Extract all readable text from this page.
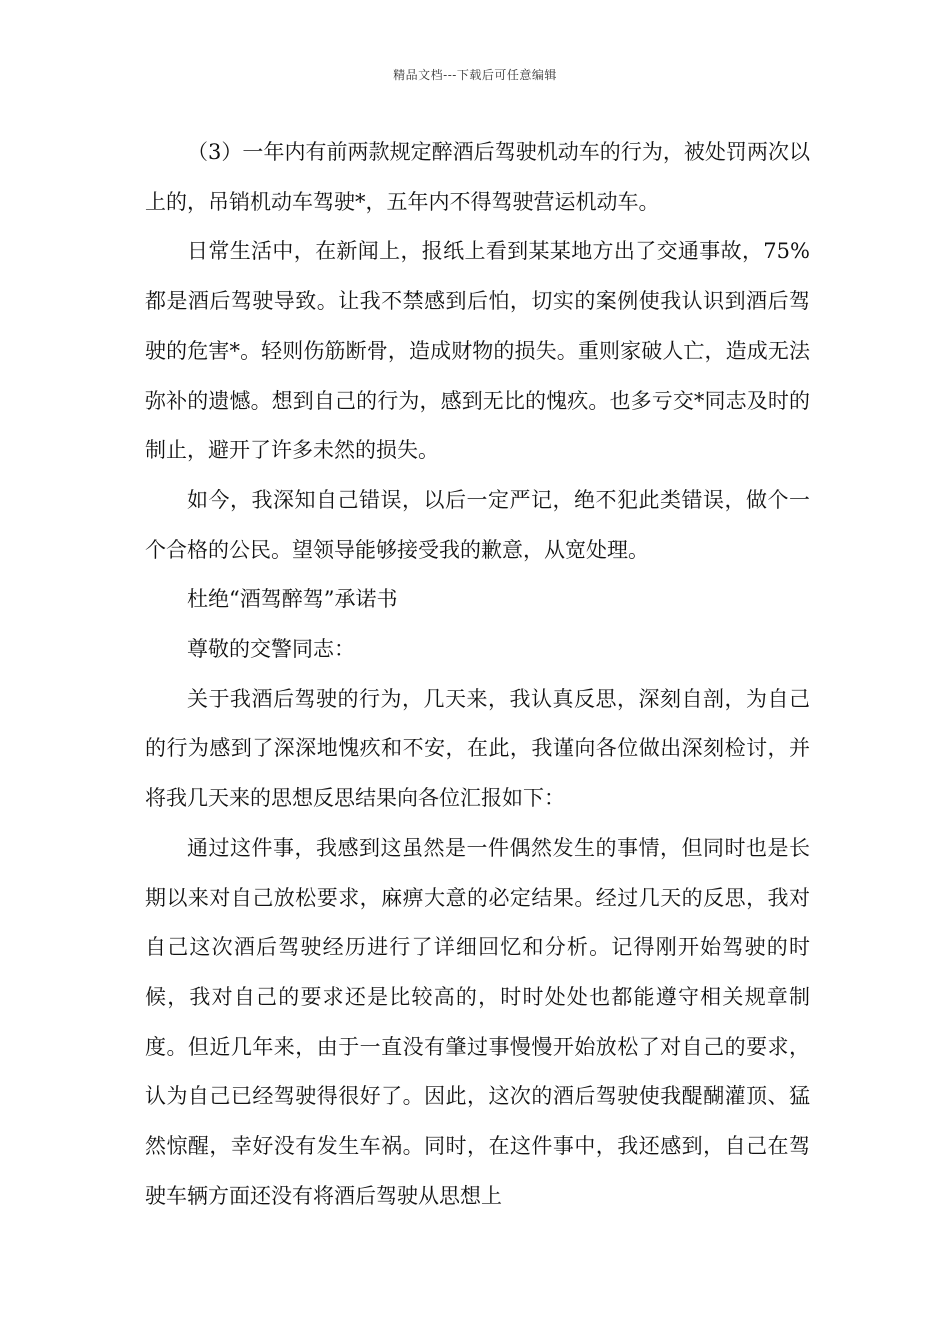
精品文档---下载后可任意编辑

（3）一年内有前两款规定醉酒后驾驶机动车的行为，被处罚两次以上的，吊销机动车驾驶*，五年内不得驾驶营运机动车。

日常生活中，在新闻上，报纸上看到某某地方出了交通事故，75%都是酒后驾驶导致。让我不禁感到后怕，切实的案例使我认识到酒后驾驶的危害*。轻则伤筋断骨，造成财物的损失。重则家破人亡，造成无法弥补的遗憾。想到自己的行为，感到无比的愧疚。也多亏交*同志及时的制止，避开了许多未然的损失。

如今，我深知自己错误，以后一定严记，绝不犯此类错误，做个一个合格的公民。望领导能够接受我的歉意，从宽处理。

杜绝“酒驾醉驾”承诺书

尊敬的交警同志：

关于我酒后驾驶的行为，几天来，我认真反思，深刻自剖，为自己的行为感到了深深地愧疚和不安，在此，我谨向各位做出深刻检讨，并将我几天来的思想反思结果向各位汇报如下：

通过这件事，我感到这虽然是一件偶然发生的事情，但同时也是长期以来对自己放松要求，麻痹大意的必定结果。经过几天的反思，我对自己这次酒后驾驶经历进行了详细回忆和分析。记得刚开始驾驶的时候，我对自己的要求还是比较高的，时时处处也都能遵守相关规章制度。但近几年来，由于一直没有肇过事慢慢开始放松了对自己的要求，认为自己已经驾驶得很好了。因此，这次的酒后驾驶使我醍醐灌顶、猛然惊醒，幸好没有发生车祸。同时，在这件事中，我还感到，自己在驾驶车辆方面还没有将酒后驾驶从思想上
